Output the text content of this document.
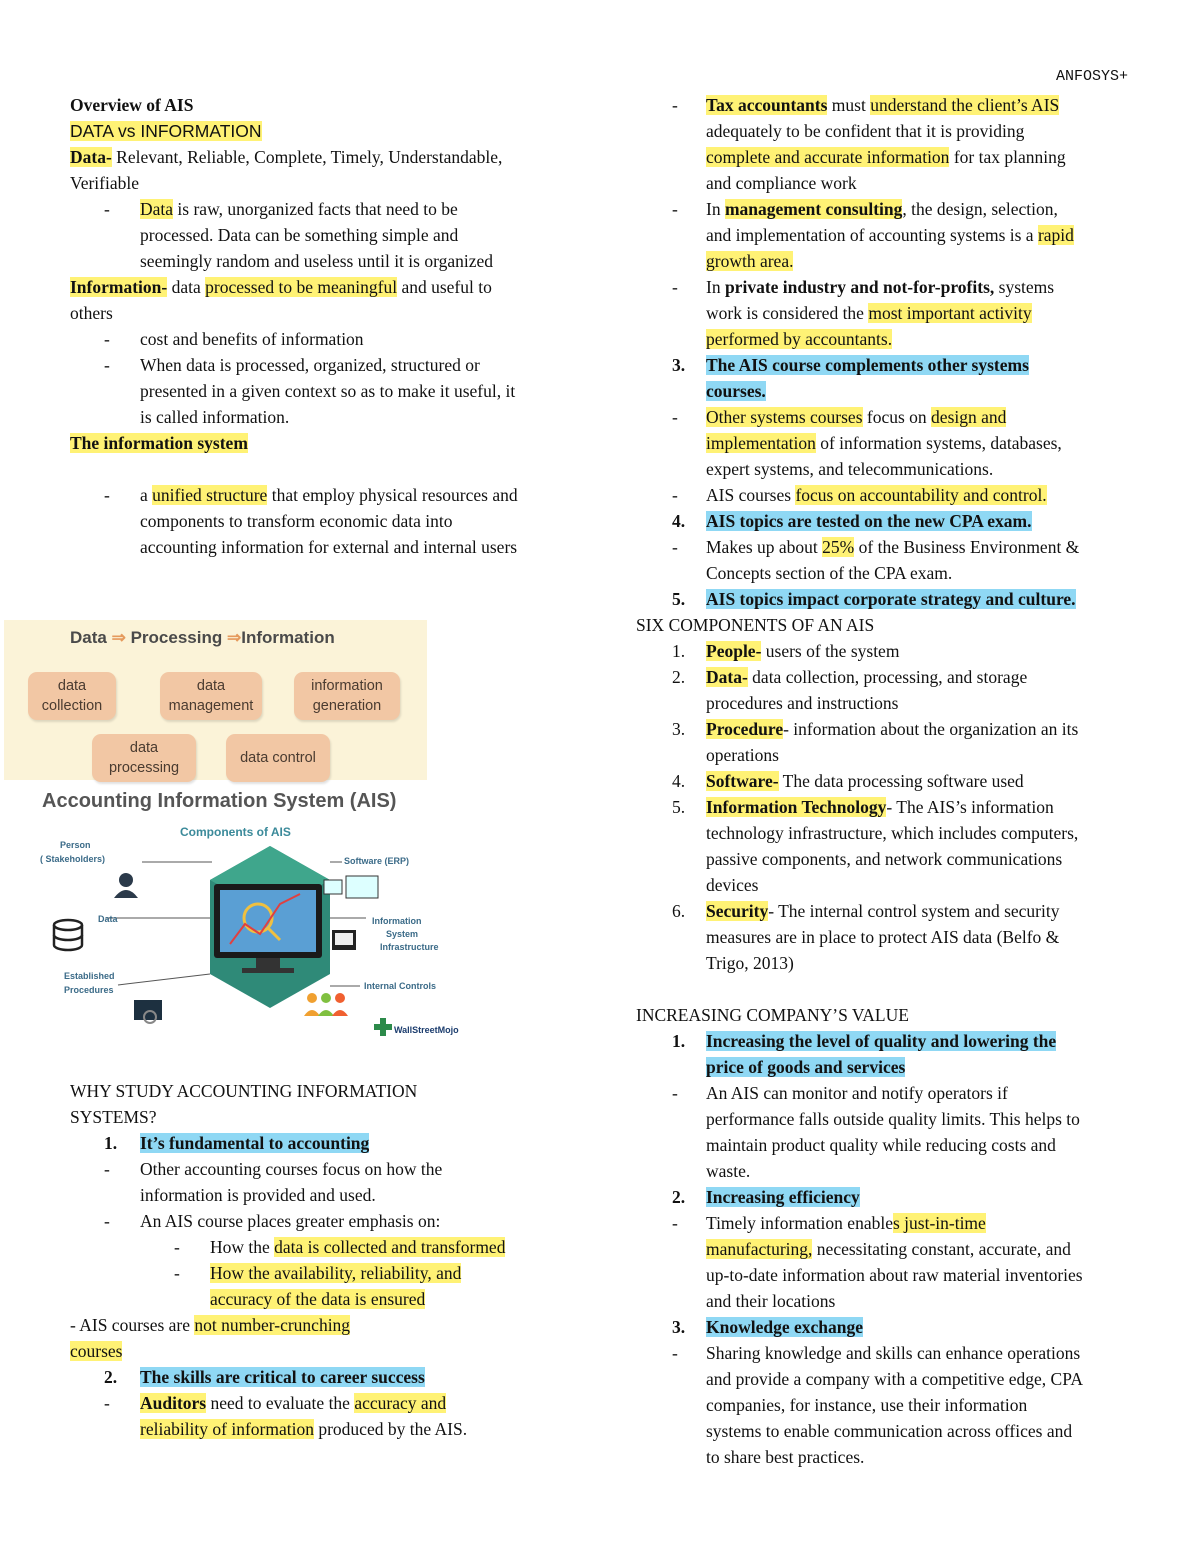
ANFOSYS+

Overview of AIS

DATA vs INFORMATION

Data- Relevant, Reliable, Complete, Timely, Understandable,

Verifiable

- Data is raw, unorganized facts that need to be

processed. Data can be something simple and

seemingly random and useless until it is organized

Information- data processed to be meaningful and useful to

others

- cost and benefits of information

- When data is processed, organized, structured or

presented in a given context so as to make it useful, it

is called information.

The information system

- a unified structure that employ physical resources and

components to transform economic data into

accounting information for external and internal users

Data ⇒ Processing ⇒Information
data
collection
data
management
information
generation
data
processing
data control
Components of AIS
Person
( Stakeholders)
Data
Established
Procedures
Software (ERP)
Information
System
Infrastructure
Internal Controls
WallStreetMojo
Accounting Information System (AIS)

WHY STUDY ACCOUNTING INFORMATION

SYSTEMS?

1. It’s fundamental to accounting

- Other accounting courses focus on how the

information is provided and used.

- An AIS course places greater emphasis on:

- How the data is collected and transformed

- How the availability, reliability, and

accuracy of the data is ensured

- AIS courses are not number-crunching

courses

2. The skills are critical to career success

- Auditors need to evaluate the accuracy and

reliability of information produced by the AIS.

- Tax accountants must understand the client’s AIS

adequately to be confident that it is providing

complete and accurate information for tax planning

and compliance work

- In management consulting, the design, selection,

and implementation of accounting systems is a rapid

growth area.

- In private industry and not-for-profits, systems

work is considered the most important activity

performed by accountants.

3. The AIS course complements other systems

courses.

- Other systems courses focus on design and

implementation of information systems, databases,

expert systems, and telecommunications.

- AIS courses focus on accountability and control.

4. AIS topics are tested on the new CPA exam.

- Makes up about 25% of the Business Environment &

Concepts section of the CPA exam.

5. AIS topics impact corporate strategy and culture.

SIX COMPONENTS OF AN AIS

1. People- users of the system

2. Data- data collection, processing, and storage

procedures and instructions

3. Procedure- information about the organization an its

operations

4. Software- The data processing software used

5. Information Technology- The AIS’s information

technology infrastructure, which includes computers,

passive components, and network communications

devices

6. Security- The internal control system and security

measures are in place to protect AIS data (Belfo &

Trigo, 2013)

INCREASING COMPANY’S VALUE

1. Increasing the level of quality and lowering the

price of goods and services

- An AIS can monitor and notify operators if

performance falls outside quality limits. This helps to

maintain product quality while reducing costs and

waste.

2. Increasing efficiency

- Timely information enables just-in-time

manufacturing, necessitating constant, accurate, and

up-to-date information about raw material inventories

and their locations

3. Knowledge exchange

- Sharing knowledge and skills can enhance operations

and provide a company with a competitive edge, CPA

companies, for instance, use their information

systems to enable communication across offices and

to share best practices.
